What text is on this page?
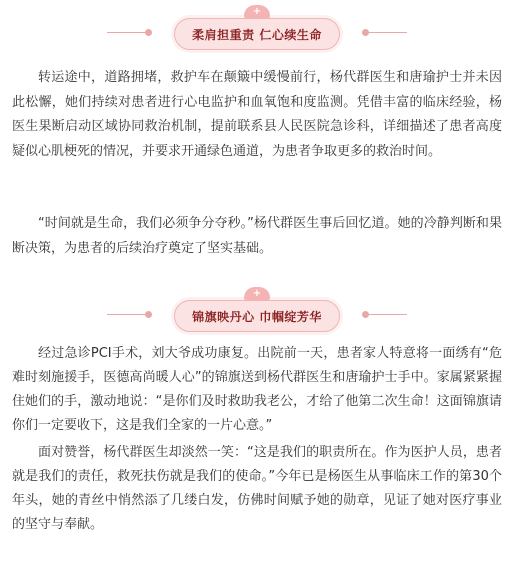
柔肩担重责 仁心续生命
+

转运途中，道路拥堵，救护车在颠簸中缓慢前行，杨代群医生和唐瑜护士并未因此松懈，她们持续对患者进行心电监护和血氧饱和度监测。凭借丰富的临床经验，杨医生果断启动区域协同救治机制，提前联系县人民医院急诊科，详细描述了患者高度疑似心肌梗死的情况，并要求开通绿色通道，为患者争取更多的救治时间。

“时间就是生命，我们必须争分夺秒。”杨代群医生事后回忆道。她的冷静判断和果断决策，为患者的后续治疗奠定了坚实基础。

锦旗映丹心 巾帼绽芳华
+

经过急诊PCI手术，刘大爷成功康复。出院前一天，患者家人特意将一面绣有“危难时刻施援手，医德高尚暖人心”的锦旗送到杨代群医生和唐瑜护士手中。家属紧紧握住她们的手，激动地说：“是你们及时救助我老公，才给了他第二次生命！这面锦旗请你们一定要收下，这是我们全家的一片心意。”

面对赞誉，杨代群医生却淡然一笑：“这是我们的职责所在。作为医护人员，患者就是我们的责任，救死扶伤就是我们的使命。”今年已是杨医生从事临床工作的第30个年头，她的青丝中悄然添了几缕白发，仿佛时间赋予她的勋章，见证了她对医疗事业的坚守与奉献。
